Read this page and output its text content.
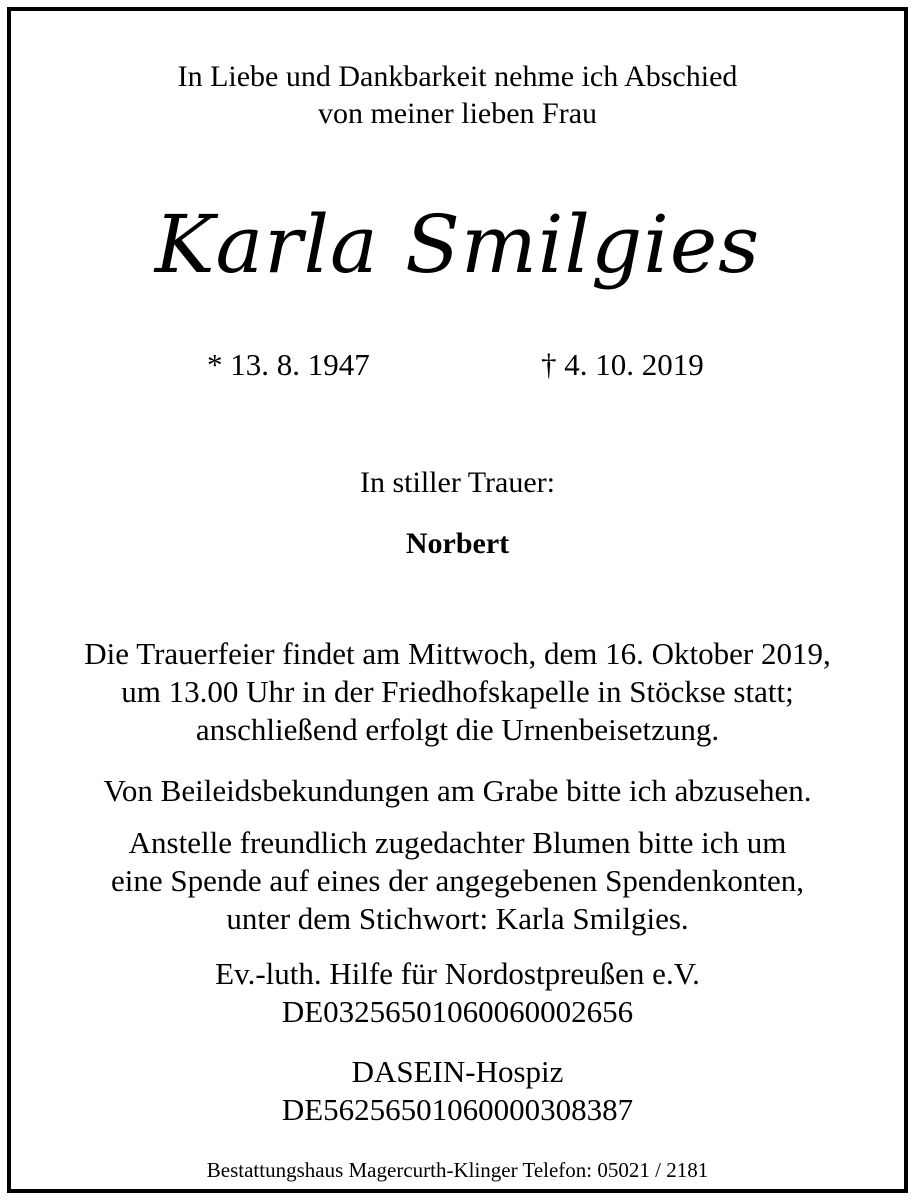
In Liebe und Dankbarkeit nehme ich Abschied
von meiner lieben Frau
Karla Smilgies
* 13. 8. 1947	† 4. 10. 2019
In stiller Trauer:
Norbert
Die Trauerfeier findet am Mittwoch, dem 16. Oktober 2019,
um 13.00 Uhr in der Friedhofskapelle in Stöckse statt;
anschließend erfolgt die Urnenbeisetzung.
Von Beileidsbekundungen am Grabe bitte ich abzusehen.
Anstelle freundlich zugedachter Blumen bitte ich um
eine Spende auf eines der angegebenen Spendenkonten,
unter dem Stichwort: Karla Smilgies.
Ev.-luth. Hilfe für Nordostpreußen e.V.
DE03256501060060002656
DASEIN-Hospiz
DE56256501060000308387
Bestattungshaus Magercurth-Klinger Telefon: 05021 / 2181
